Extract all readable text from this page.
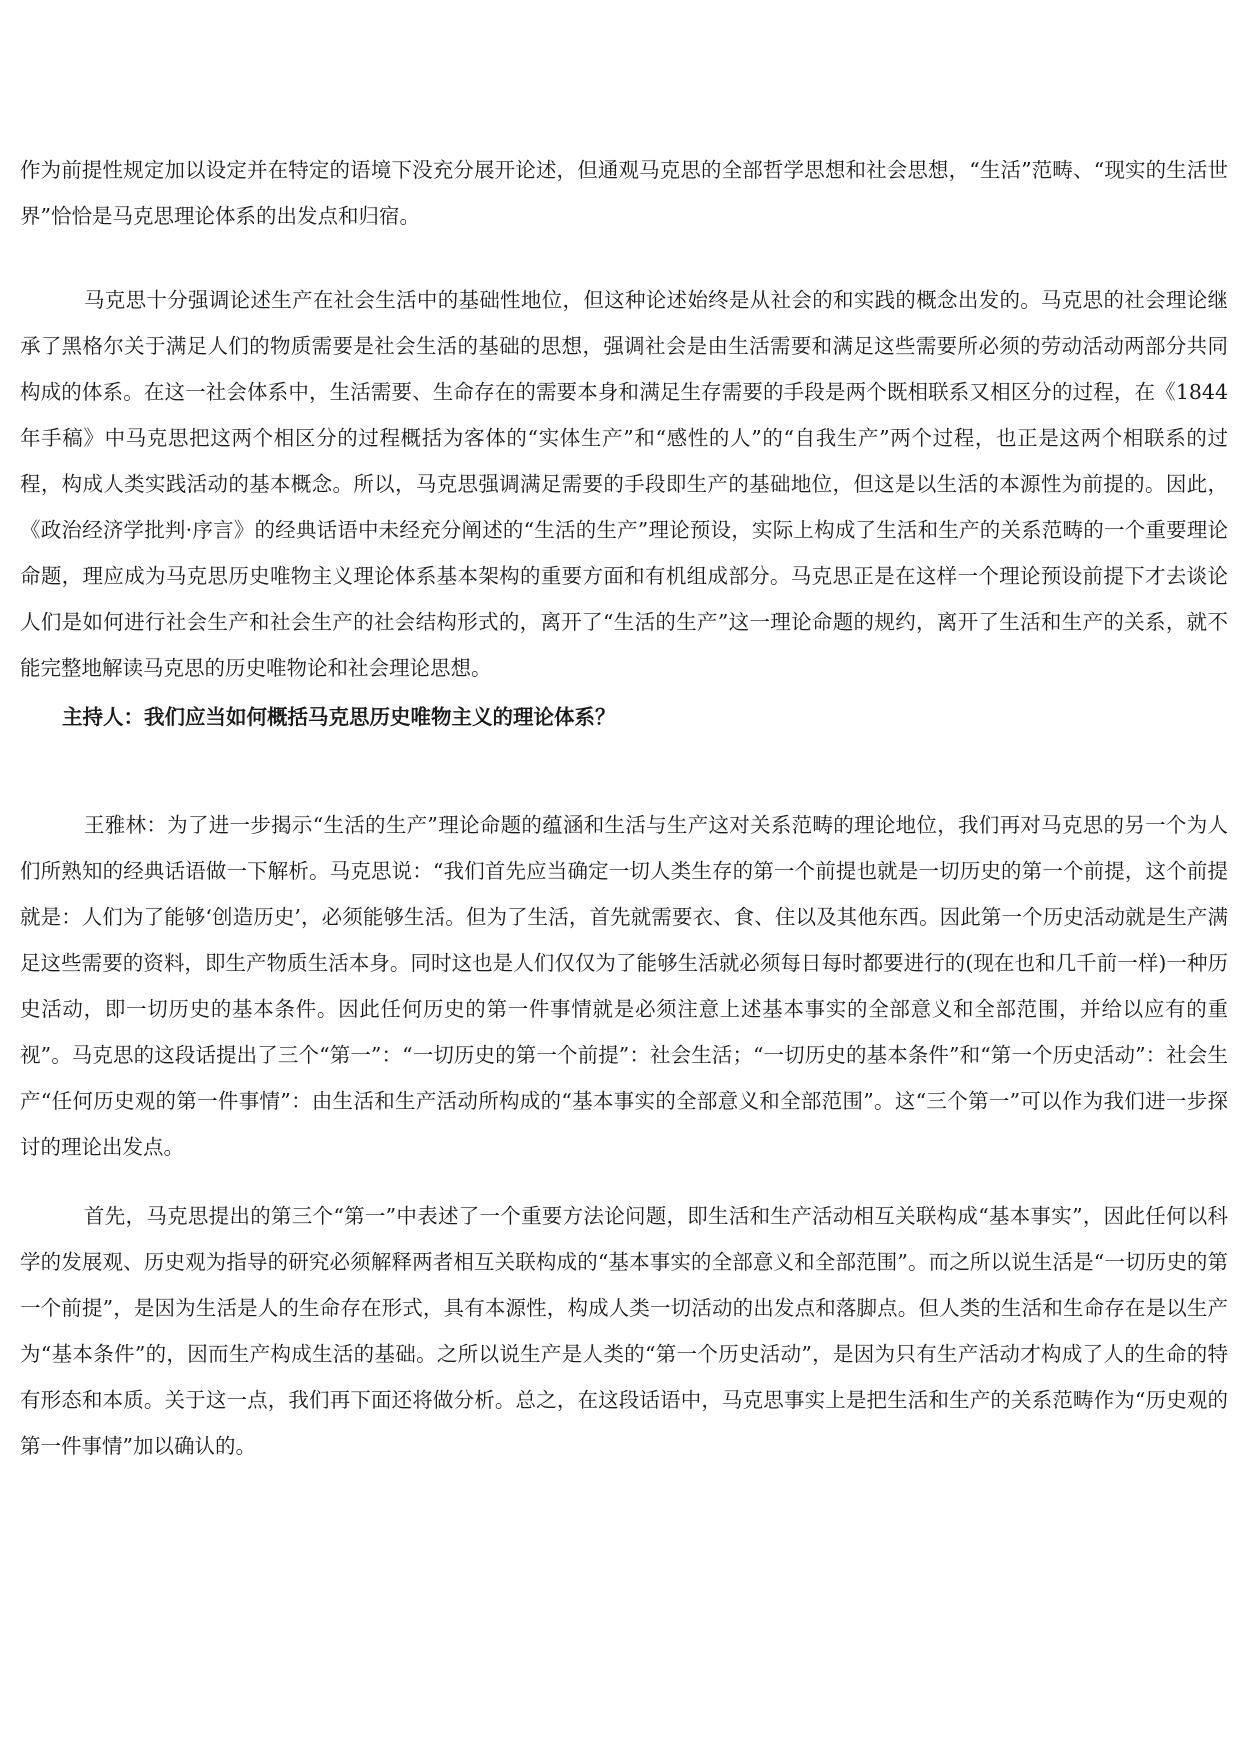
作为前提性规定加以设定并在特定的语境下没充分展开论述，但通观马克思的全部哲学思想和社会思想，“生活”范畴、“现实的生活世界”恰恰是马克思理论体系的出发点和归宿。

马克思十分强调论述生产在社会生活中的基础性地位，但这种论述始终是从社会的和实践的概念出发的。马克思的社会理论继承了黑格尔关于满足人们的物质需要是社会生活的基础的思想，强调社会是由生活需要和满足这些需要所必须的劳动活动两部分共同构成的体系。在这一社会体系中，生活需要、生命存在的需要本身和满足生存需要的手段是两个既相联系又相区分的过程，在《1844年手稿》中马克思把这两个相区分的过程概括为客体的“实体生产”和“感性的人”的“自我生产”两个过程，也正是这两个相联系的过程，构成人类实践活动的基本概念。所以，马克思强调满足需要的手段即生产的基础地位，但这是以生活的本源性为前提的。因此，《政治经济学批判·序言》的经典话语中未经充分阐述的“生活的生产”理论预设，实际上构成了生活和生产的关系范畴的一个重要理论命题，理应成为马克思历史唯物主义理论体系基本架构的重要方面和有机组成部分。马克思正是在这样一个理论预设前提下才去谈论人们是如何进行社会生产和社会生产的社会结构形式的，离开了“生活的生产”这一理论命题的规约，离开了生活和生产的关系，就不能完整地解读马克思的历史唯物论和社会理论思想。

主持人：我们应当如何概括马克思历史唯物主义的理论体系？

王雅林：为了进一步揭示“生活的生产”理论命题的蕴涵和生活与生产这对关系范畴的理论地位，我们再对马克思的另一个为人们所熟知的经典话语做一下解析。马克思说：“我们首先应当确定一切人类生存的第一个前提也就是一切历史的第一个前提，这个前提就是：人们为了能够‘创造历史’，必须能够生活。但为了生活，首先就需要衣、食、住以及其他东西。因此第一个历史活动就是生产满足这些需要的资料，即生产物质生活本身。同时这也是人们仅仅为了能够生活就必须每日每时都要进行的(现在也和几千前一样)一种历史活动，即一切历史的基本条件。因此任何历史的第一件事情就是必须注意上述基本事实的全部意义和全部范围，并给以应有的重视”。马克思的这段话提出了三个“第一”：“一切历史的第一个前提”：社会生活；“一切历史的基本条件”和“第一个历史活动”：社会生产“任何历史观的第一件事情”：由生活和生产活动所构成的“基本事实的全部意义和全部范围”。这“三个第一”可以作为我们进一步探讨的理论出发点。

首先，马克思提出的第三个“第一”中表述了一个重要方法论问题，即生活和生产活动相互关联构成“基本事实”，因此任何以科学的发展观、历史观为指导的研究必须解释两者相互关联构成的“基本事实的全部意义和全部范围”。而之所以说生活是“一切历史的第一个前提”，是因为生活是人的生命存在形式，具有本源性，构成人类一切活动的出发点和落脚点。但人类的生活和生命存在是以生产为“基本条件”的，因而生产构成生活的基础。之所以说生产是人类的“第一个历史活动”，是因为只有生产活动才构成了人的生命的特有形态和本质。关于这一点，我们再下面还将做分析。总之，在这段话语中，马克思事实上是把生活和生产的关系范畴作为“历史观的第一件事情”加以确认的。
